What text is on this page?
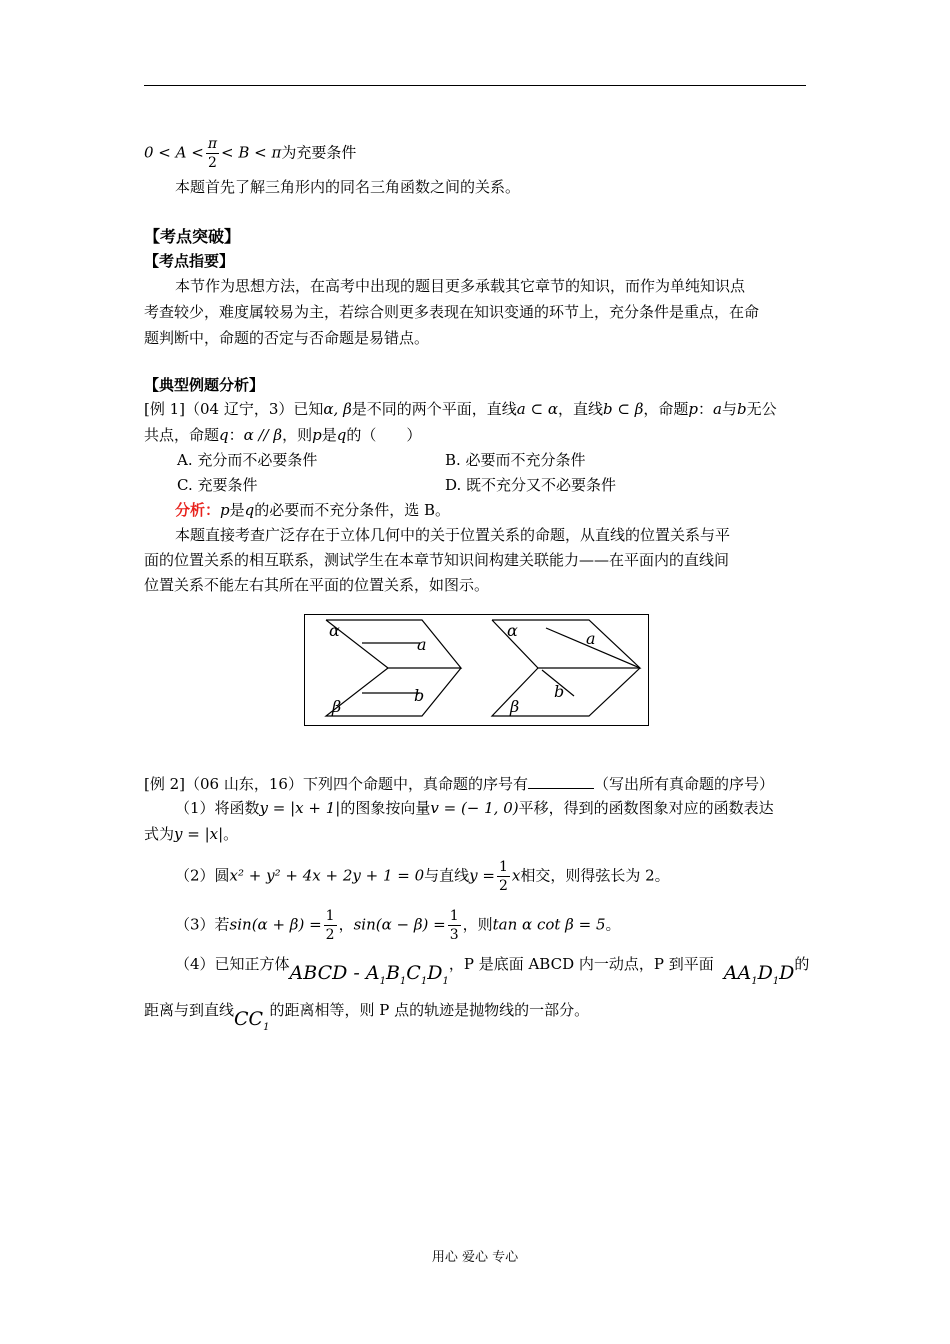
$0 < A < \frac{\pi}{2} < B < \pi$为充要条件
本题首先了解三角形内的同名三角函数之间的关系。
【考点突破】
【考点指要】
本节作为思想方法，在高考中出现的题目更多承载其它章节的知识，而作为单纯知识点
考查较少，难度属较易为主，若综合则更多表现在知识变通的环节上，充分条件是重点，在命
题判断中，命题的否定与否命题是易错点。
【典型例题分析】
[例 1]（04 辽宁，3）已知α, β是不同的两个平面，直线a ⊂ α，直线b ⊂ β，命题p：a与b无公
共点，命题q：α // β，则p是q的（　　）
A. 充分而不必要条件	B. 必要而不充分条件
C. 充要条件	D. 既不充分又不必要条件
分析：p是q的必要而不充分条件，选 B。
本题直接考查广泛存在于立体几何中的关于位置关系的命题，从直线的位置关系与平
面的位置关系的相互联系，测试学生在本章节知识间构建关联能力——在平面内的直线间
位置关系不能左右其所在平面的位置关系，如图示。
α
a
b
β
α	a
b
β
[例 2]（06 山东，16）下列四个命题中，真命题的序号有	（写出所有真命题的序号）
（1）将函数y = |x + 1|的图象按向量v = (− 1, 0)平移，得到的函数图象对应的函数表达
式为y = |x|。
（2）圆x² + y² + 4x + 2y + 1 = 0与直线$y = \frac{1}{2}$ x相交，则得弦长为 2。
（3）若$\sin(\alpha + \beta) = \frac{1}{2}$ ，$\sin(\alpha - \beta) = \frac{1}{3}$ ，则tan α cot β = 5。
（4）已知正方体ABCD - $A_1B_1C_1D_1$，P 是底面 ABCD 内一动点，P 到平面 $AA_1D_1D$的
距离与到直线$CC_1$的距离相等，则 P 点的轨迹是抛物线的一部分。
用心 爱心 专心
